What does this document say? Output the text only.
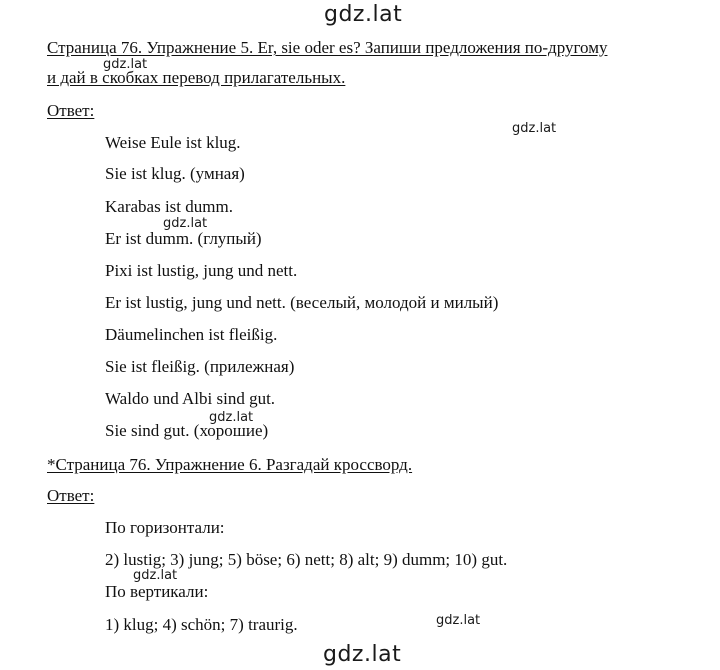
gdz.lat
gdz.lat
gdz.lat
gdz.lat
gdz.lat
gdz.lat
gdz.lat
gdz.lat
Страница 76. Упражнение 5. Er, sie oder es? Запиши предложения по-другому
и дай в скобках перевод прилагательных.
Ответ:
Weise Eule ist klug.
Sie ist klug. (умная)
Karabas ist dumm.
Er ist dumm. (глупый)
Pixi ist lustig, jung und nett.
Er ist lustig, jung und nett. (веселый, молодой и милый)
Däumelinchen ist fleißig.
Sie ist fleißig. (прилежная)
Waldo und Albi sind gut.
Sie sind gut. (хорошие)
*Страница 76. Упражнение 6. Разгадай кроссворд.
Ответ:
По горизонтали:
2) lustig; 3) jung; 5) böse; 6) nett; 8) alt; 9) dumm; 10) gut.
По вертикали:
1) klug; 4) schön; 7) traurig.
